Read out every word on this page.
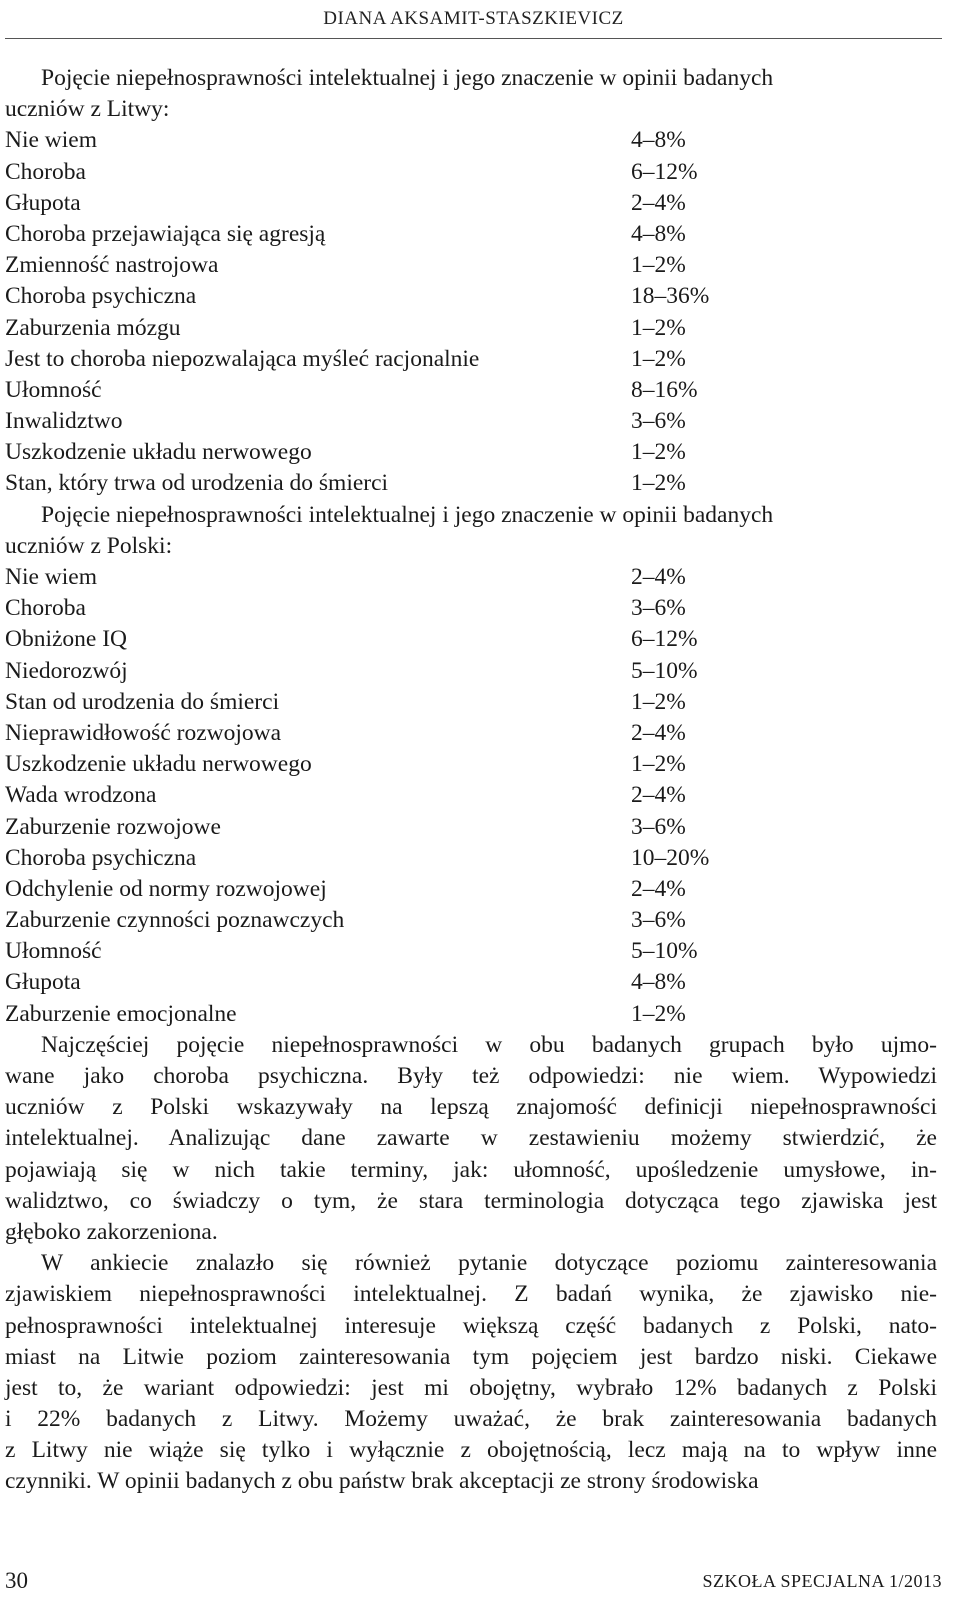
DIANA AKSAMIT-STASZKIEVICZ
Pojęcie niepełnosprawności intelektualnej i jego znaczenie w opinii badanych
uczniów z Litwy:
Nie wiem	4–8%
Choroba	6–12%
Głupota	2–4%
Choroba przejawiająca się agresją	4–8%
Zmienność nastrojowa	1–2%
Choroba psychiczna	18–36%
Zaburzenia mózgu	1–2%
Jest to choroba niepozwalająca myśleć racjonalnie	1–2%
Ułomność	8–16%
Inwalidztwo	3–6%
Uszkodzenie układu nerwowego	1–2%
Stan, który trwa od urodzenia do śmierci	1–2%
Pojęcie niepełnosprawności intelektualnej i jego znaczenie w opinii badanych
uczniów z Polski:
Nie wiem	2–4%
Choroba	3–6%
Obniżone IQ	6–12%
Niedorozwój	5–10%
Stan od urodzenia do śmierci	1–2%
Nieprawidłowość rozwojowa	2–4%
Uszkodzenie układu nerwowego	1–2%
Wada wrodzona	2–4%
Zaburzenie rozwojowe	3–6%
Choroba psychiczna	10–20%
Odchylenie od normy rozwojowej	2–4%
Zaburzenie czynności poznawczych	3–6%
Ułomność	5–10%
Głupota	4–8%
Zaburzenie emocjonalne	1–2%
Najczęściej pojęcie niepełnosprawności w obu badanych grupach było ujmo-
wane jako choroba psychiczna. Były też odpowiedzi: nie wiem. Wypowiedzi
uczniów z Polski wskazywały na lepszą znajomość definicji niepełnosprawności
intelektualnej. Analizując dane zawarte w zestawieniu możemy stwierdzić, że
pojawiają się w nich takie terminy, jak: ułomność, upośledzenie umysłowe, in-
walidztwo, co świadczy o tym, że stara terminologia dotycząca tego zjawiska jest
głęboko zakorzeniona.
W ankiecie znalazło się również pytanie dotyczące poziomu zainteresowania
zjawiskiem niepełnosprawności intelektualnej. Z badań wynika, że zjawisko nie-
pełnosprawności intelektualnej interesuje większą część badanych z Polski, nato-
miast na Litwie poziom zainteresowania tym pojęciem jest bardzo niski. Ciekawe
jest to, że wariant odpowiedzi: jest mi obojętny, wybrało 12% badanych z Polski
i 22% badanych z Litwy. Możemy uważać, że brak zainteresowania badanych
z Litwy nie wiąże się tylko i wyłącznie z obojętnością, lecz mają na to wpływ inne
czynniki. W opinii badanych z obu państw brak akceptacji ze strony środowiska
30	SZKOŁA SPECJALNA 1/2013
